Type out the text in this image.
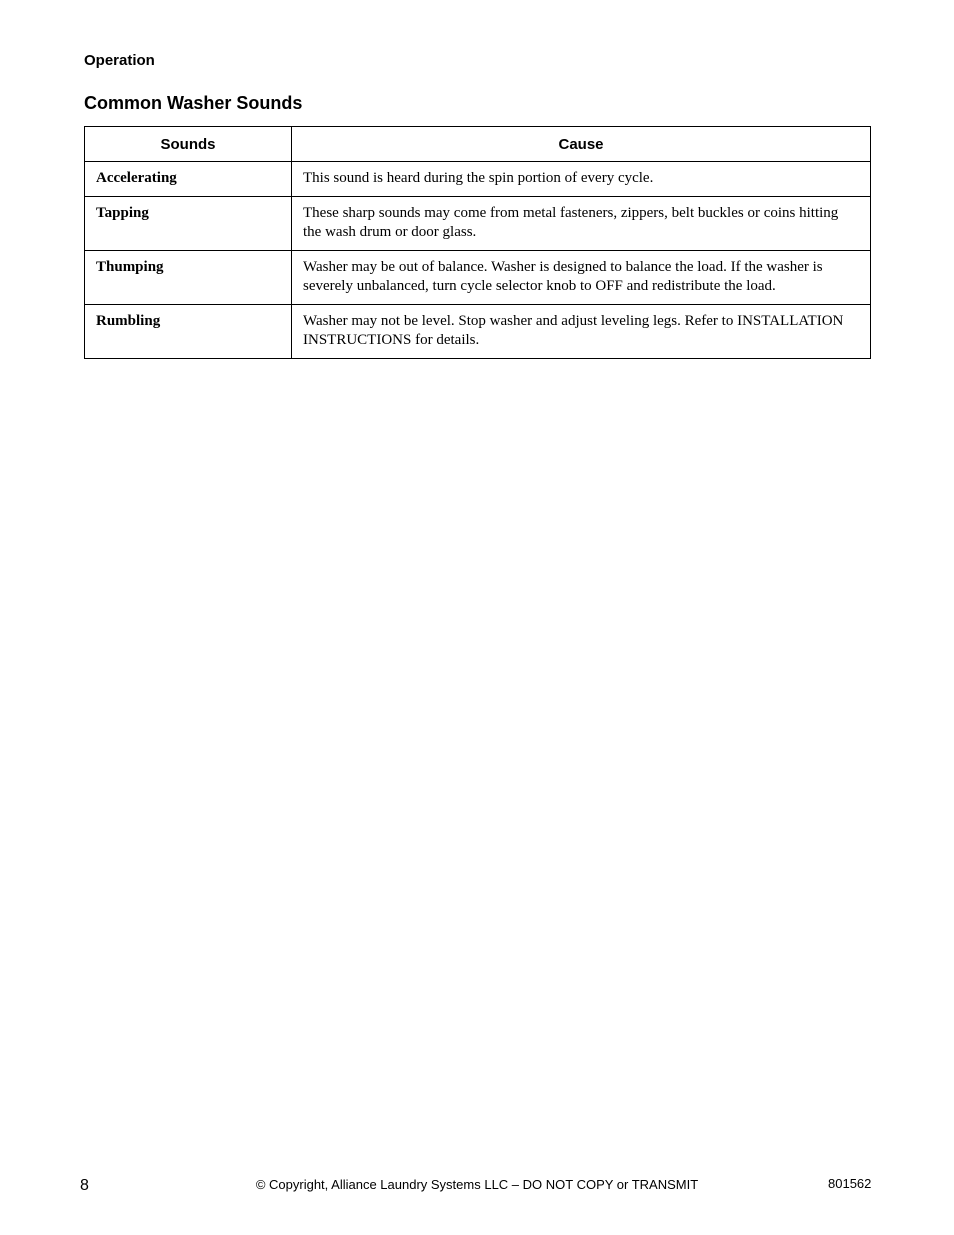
Operation
Common Washer Sounds
Sounds	Cause
Accelerating	This sound is heard during the spin portion of every cycle.
Tapping	These sharp sounds may come from metal fasteners, zippers, belt buckles or coins hitting the wash drum or door glass.
Thumping	Washer may be out of balance. Washer is designed to balance the load. If the washer is severely unbalanced, turn cycle selector knob to OFF and redistribute the load.
Rumbling	Washer may not be level. Stop washer and adjust leveling legs. Refer to INSTALLATION INSTRUCTIONS for details.
8	© Copyright, Alliance Laundry Systems LLC – DO NOT COPY or TRANSMIT	801562
